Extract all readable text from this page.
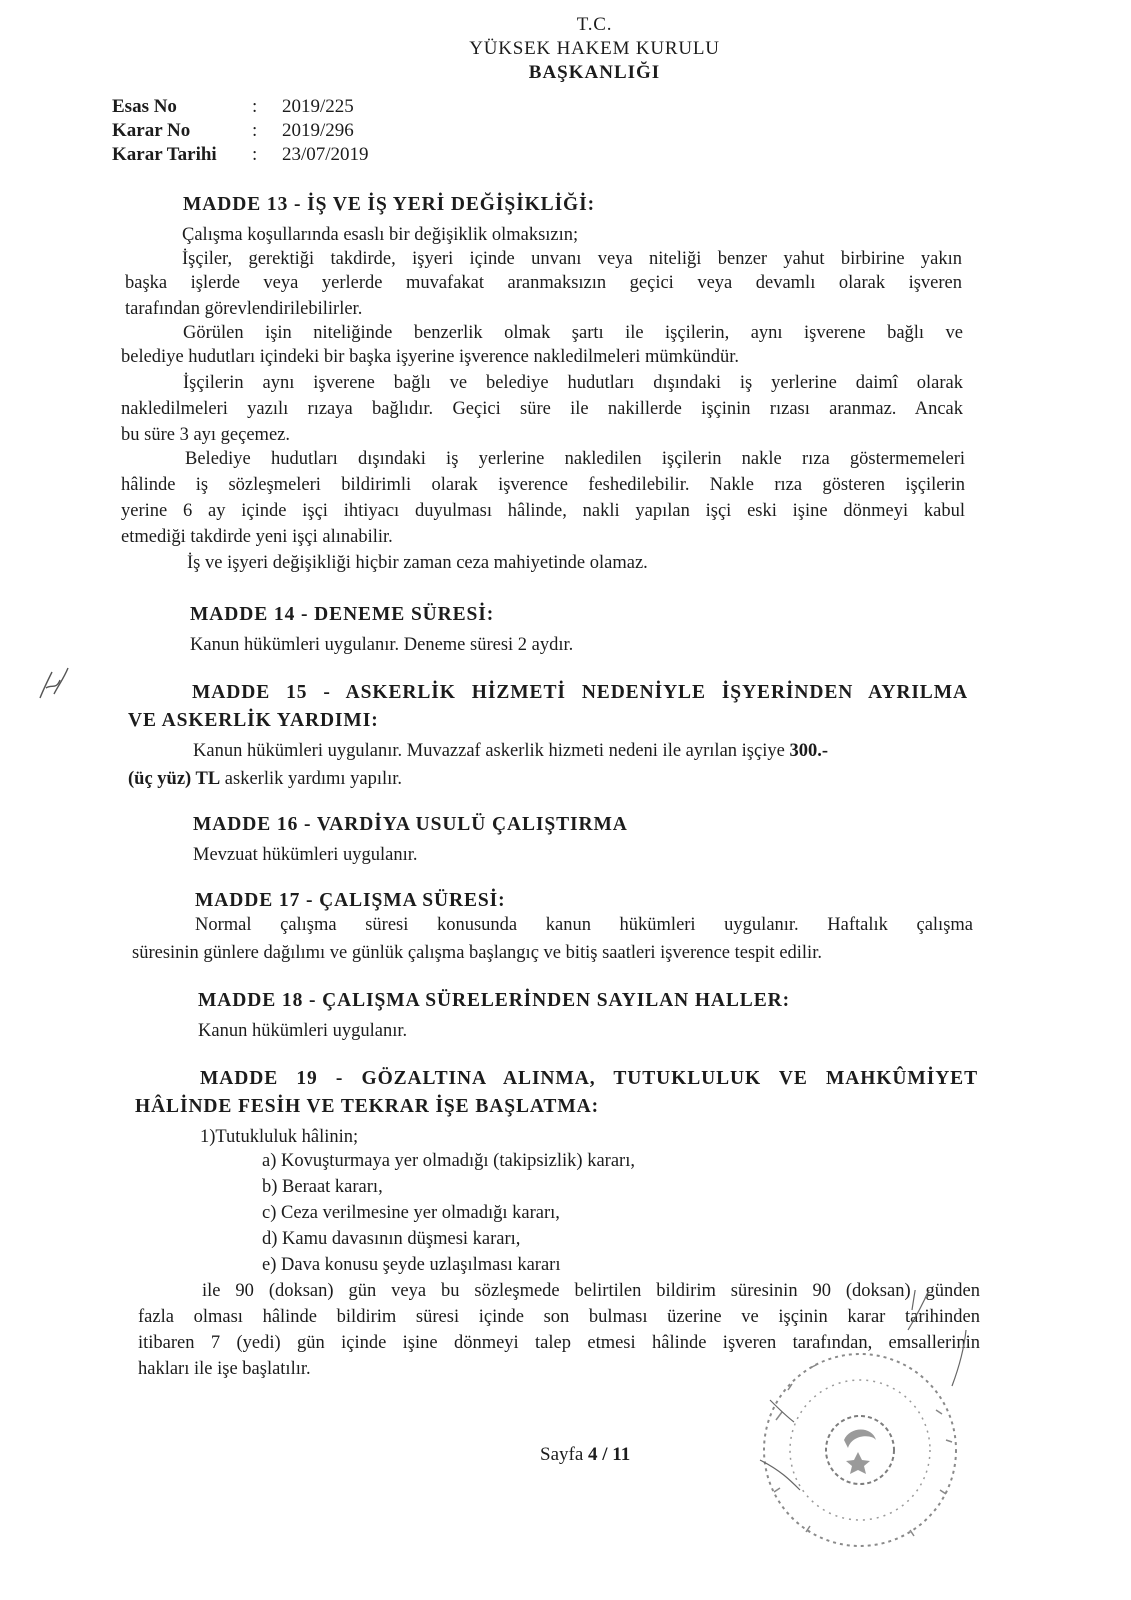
T.C.
YÜKSEK HAKEM KURULU
BAŞKANLIĞI
Esas No	:	2019/225
Karar No	:	2019/296
Karar Tarihi	:	23/07/2019
MADDE 13 - İŞ VE İŞ YERİ DEĞİŞİKLİĞİ:
Çalışma koşullarında esaslı bir değişiklik olmaksızın;
İşçiler, gerektiği takdirde, işyeri içinde unvanı veya niteliği benzer yahut birbirine yakın
başka işlerde veya yerlerde muvafakat aranmaksızın geçici veya devamlı olarak işveren
tarafından görevlendirilebilirler.
Görülen işin niteliğinde benzerlik olmak şartı ile işçilerin, aynı işverene bağlı ve
belediye hudutları içindeki bir başka işyerine işverence nakledilmeleri mümkündür.
İşçilerin aynı işverene bağlı ve belediye hudutları dışındaki iş yerlerine daimî olarak
nakledilmeleri yazılı rızaya bağlıdır. Geçici süre ile nakillerde işçinin rızası aranmaz. Ancak
bu süre 3 ayı geçemez.
Belediye hudutları dışındaki iş yerlerine nakledilen işçilerin nakle rıza göstermemeleri
hâlinde iş sözleşmeleri bildirimli olarak işverence feshedilebilir. Nakle rıza gösteren işçilerin
yerine 6 ay içinde işçi ihtiyacı duyulması hâlinde, nakli yapılan işçi eski işine dönmeyi kabul
etmediği takdirde yeni işçi alınabilir.
İş ve işyeri değişikliği hiçbir zaman ceza mahiyetinde olamaz.
MADDE 14 - DENEME SÜRESİ:
Kanun hükümleri uygulanır. Deneme süresi 2 aydır.
MADDE 15 - ASKERLİK HİZMETİ NEDENİYLE İŞYERİNDEN AYRILMA
VE ASKERLİK YARDIMI:
Kanun hükümleri uygulanır. Muvazzaf askerlik hizmeti nedeni ile ayrılan işçiye 300.-
(üç yüz) TL askerlik yardımı yapılır.
MADDE 16 - VARDİYA USULÜ ÇALIŞTIRMA
Mevzuat hükümleri uygulanır.
MADDE 17 - ÇALIŞMA SÜRESİ:
Normal çalışma süresi konusunda kanun hükümleri uygulanır. Haftalık çalışma
süresinin günlere dağılımı ve günlük çalışma başlangıç ve bitiş saatleri işverence tespit edilir.
MADDE 18 - ÇALIŞMA SÜRELERİNDEN SAYILAN HALLER:
Kanun hükümleri uygulanır.
MADDE 19 - GÖZALTINA ALINMA, TUTUKLULUK VE MAHKÛMİYET
HÂLİNDE FESİH VE TEKRAR İŞE BAŞLATMA:
1)Tutukluluk hâlinin;
a) Kovuşturmaya yer olmadığı (takipsizlik) kararı,
b) Beraat kararı,
c) Ceza verilmesine yer olmadığı kararı,
d) Kamu davasının düşmesi kararı,
e) Dava konusu şeyde uzlaşılması kararı
ile 90 (doksan) gün veya bu sözleşmede belirtilen bildirim süresinin 90 (doksan) günden
fazla olması hâlinde bildirim süresi içinde son bulması üzerine ve işçinin karar tarihinden
itibaren 7 (yedi) gün içinde işine dönmeyi talep etmesi hâlinde işveren tarafından, emsallerinin
hakları ile işe başlatılır.
Sayfa 4 / 11
